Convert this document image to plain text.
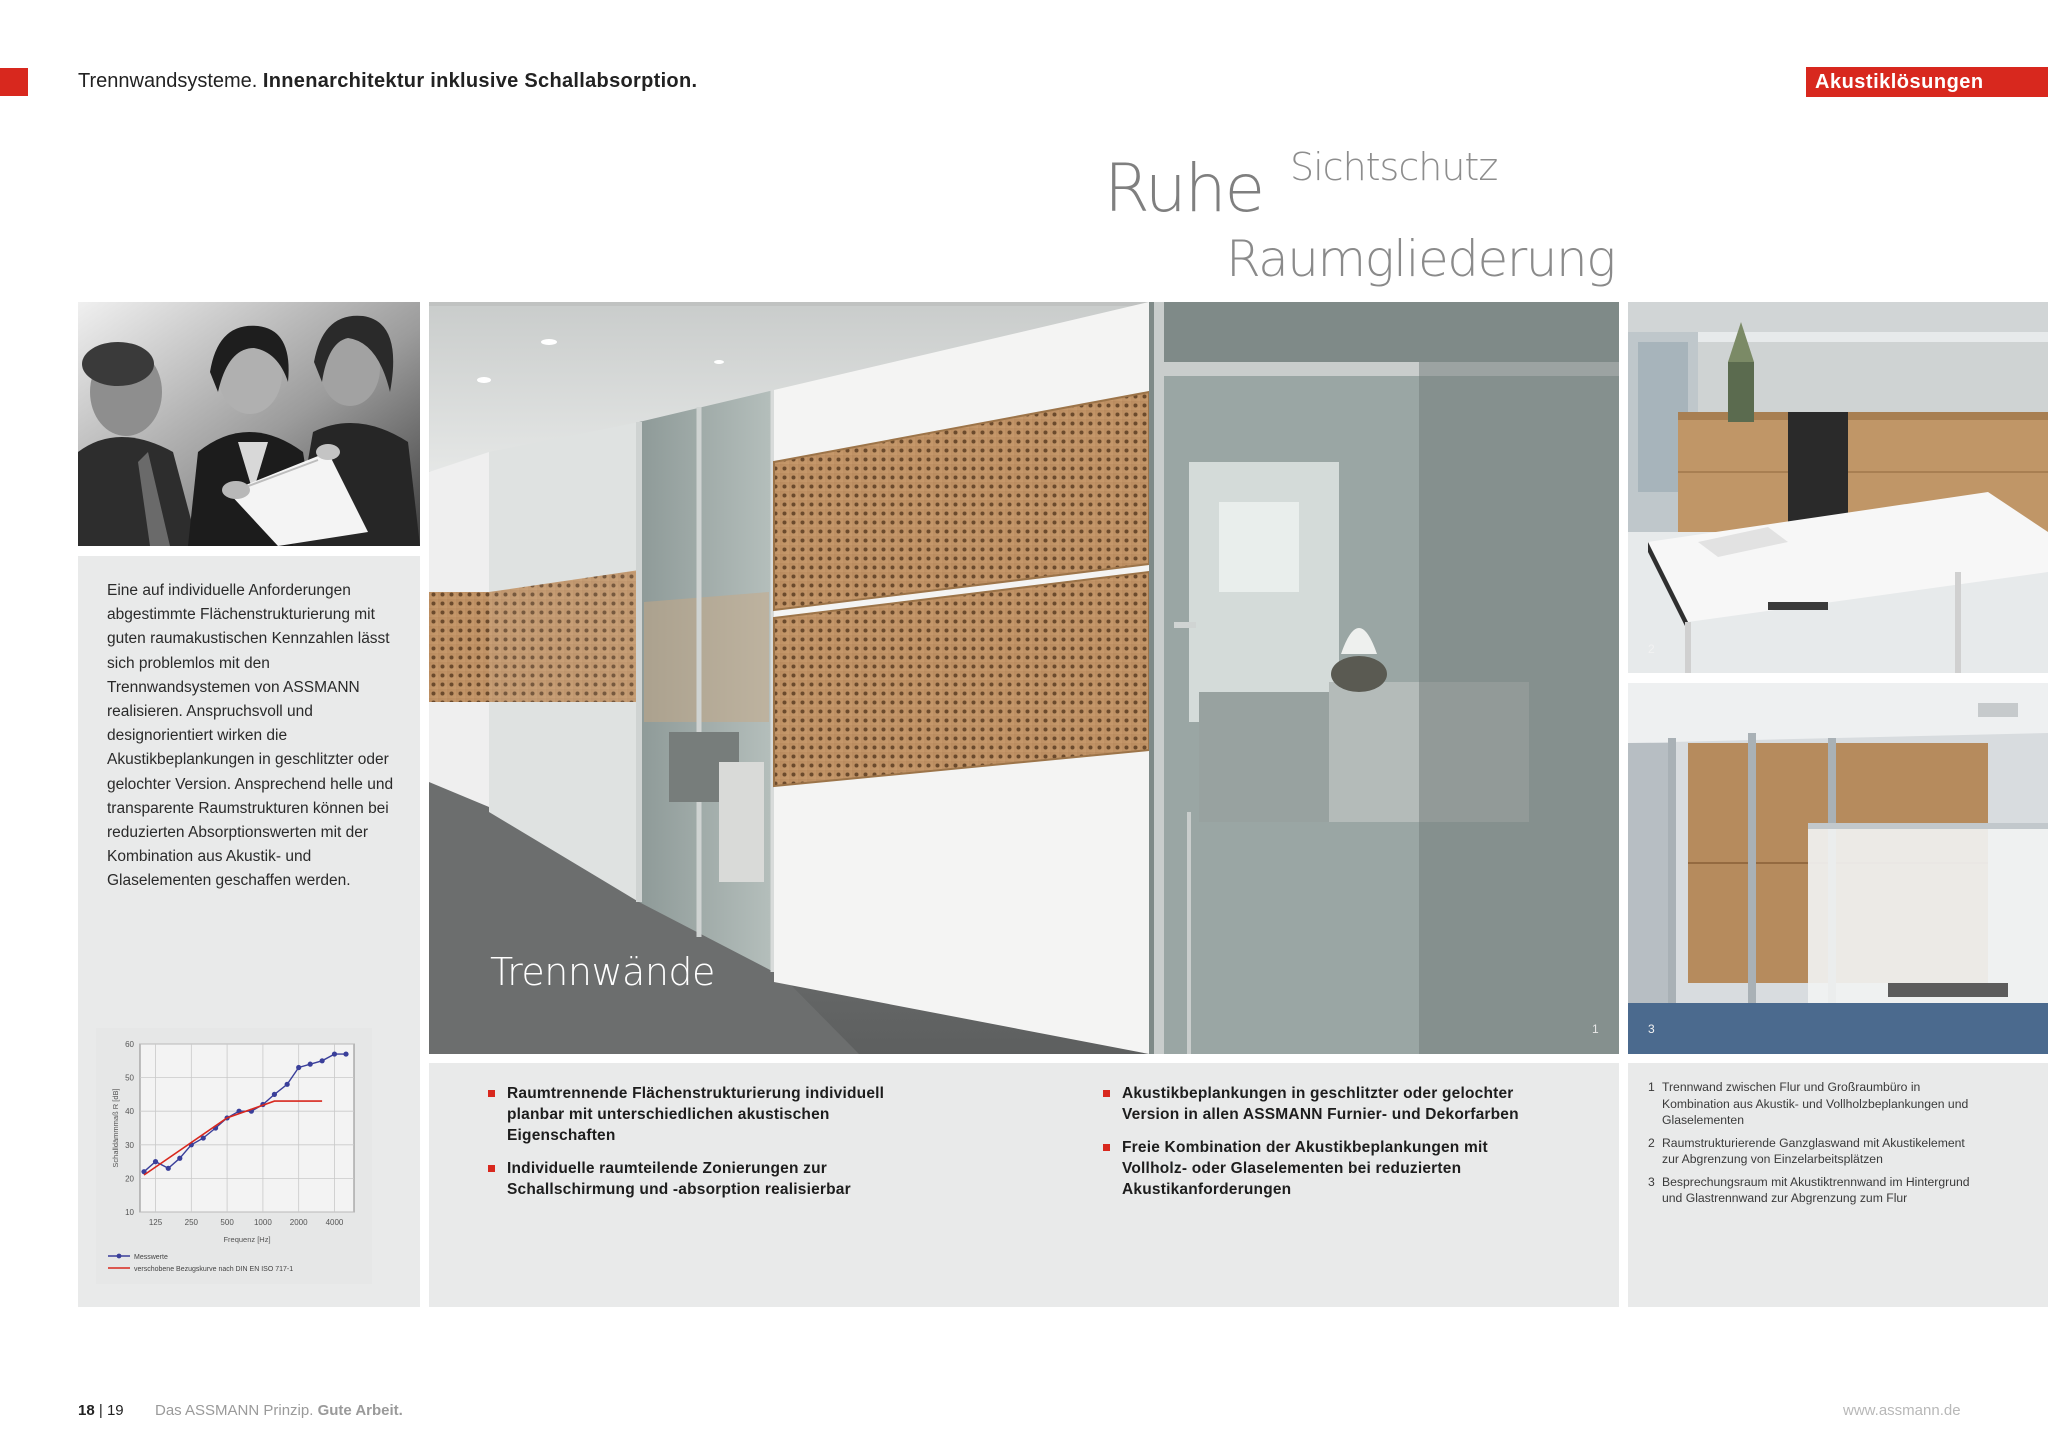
Trennwandsysteme. Innenarchitektur inklusive Schallabsorption.	Akustiklösungen
Ruhe Sichtschutz
Raumgliederung
Eine auf individuelle Anforderungen abgestimmte Flächenstrukturierung mit guten raumakustischen Kennzahlen lässt sich problemlos mit den Trennwandsystemen von ASSMANN realisieren. Anspruchsvoll und designorientiert wirken die Akustikbeplankungen in geschlitzter oder gelochter Version. Ansprechend helle und transparente Raumstrukturen können bei reduzierten Absorptionswerten mit der Kombination aus Akustik- und Glaselementen geschaffen werden.
10
20
30
40
50
60
125	250	500	1000 2000 4000
Frequenz [Hz]
Schalldämmmaß R [dB]
Messwerte
verschobene Bezugskurve nach DIN EN ISO 717-1
Trennwände
1
2
3
Raumtrennende Flächenstrukturierung individuell planbar mit unterschiedlichen akustischen Eigenschaften
Individuelle raumteilende Zonierungen zur Schallschirmung und -absorption realisierbar
Akustikbeplankungen in geschlitzter oder gelochter Version in allen ASSMANN Furnier- und Dekorfarben
Freie Kombination der Akustikbeplankungen mit Vollholz- oder Glaselementen bei reduzierten Akustikanforderungen
1 Trennwand zwischen Flur und Großraumbüro in Kombination aus Akustik- und Vollholzbeplankungen und Glaselementen
2 Raumstrukturierende Ganzglaswand mit Akustikelement zur Abgrenzung von Einzelarbeitsplätzen
3 Besprechungsraum mit Akustiktrennwand im Hintergrund und Glastrennwand zur Abgrenzung zum Flur
18 | 19 Das ASSMANN Prinzip. Gute Arbeit.	www.assmann.de
